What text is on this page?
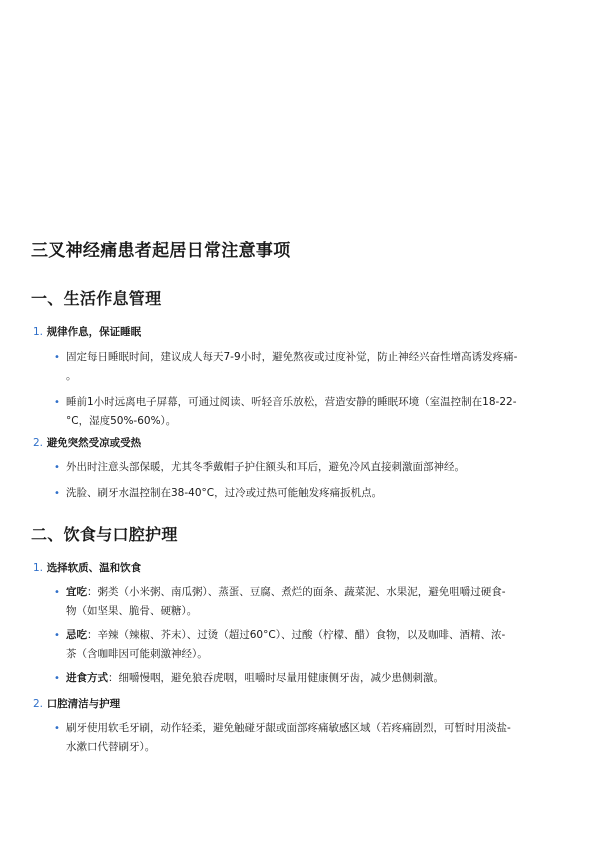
三叉神经痛患者起居日常注意事项
一、生活作息管理
1. 规律作息，保证睡眠
• 固定每日睡眠时间，建议成人每天7-9小时，避免熬夜或过度补觉，防止神经兴奋性增高诱发疼痛-
。
• 睡前1小时远离电子屏幕，可通过阅读、听轻音乐放松，营造安静的睡眠环境（室温控制在18-22-
°C，湿度50%-60%）。
2. 避免突然受凉或受热
• 外出时注意头部保暖，尤其冬季戴帽子护住额头和耳后，避免冷风直接刺激面部神经。
• 洗脸、刷牙水温控制在38-40°C，过冷或过热可能触发疼痛扳机点。
二、饮食与口腔护理
1. 选择软质、温和饮食
• 宜吃：粥类（小米粥、南瓜粥）、蒸蛋、豆腐、煮烂的面条、蔬菜泥、水果泥，避免咀嚼过硬食-
物（如坚果、脆骨、硬糖）。
• 忌吃：辛辣（辣椒、芥末）、过烫（超过60°C）、过酸（柠檬、醋）食物，以及咖啡、酒精、浓-
茶（含咖啡因可能刺激神经）。
• 进食方式：细嚼慢咽，避免狼吞虎咽，咀嚼时尽量用健康侧牙齿，减少患侧刺激。
2. 口腔清洁与护理
• 刷牙使用软毛牙刷，动作轻柔，避免触碰牙龈或面部疼痛敏感区域（若疼痛剧烈，可暂时用淡盐-
水漱口代替刷牙）。
